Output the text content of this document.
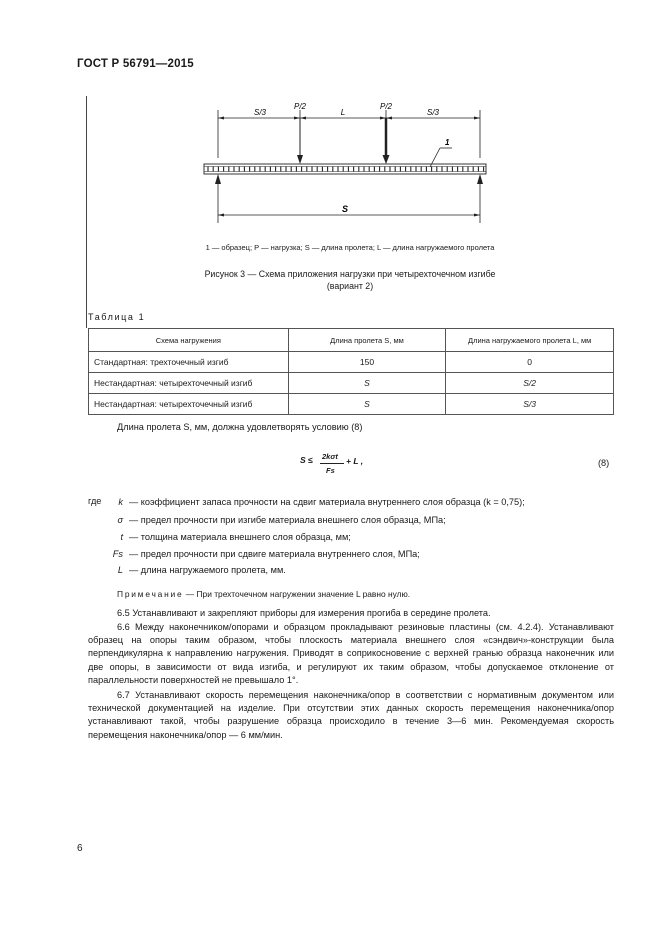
ГОСТ Р 56791—2015
S/3
P/2
L
P/2
S/3
1
S
1 — образец; P — нагрузка; S — длина пролета; L — длина нагружаемого пролета
Рисунок 3 — Схема приложения нагрузки при четырехточечном изгибе
(вариант 2)
Таблица 1
Схема нагружения	Длина пролета S, мм	Длина нагружаемого пролета L, мм
Стандартная: трехточечный изгиб	150	0
Нестандартная: четырехточечный изгиб	S	S/2
Нестандартная: четырехточечный изгиб	S	S/3
Длина пролета S, мм, должна удовлетворять условию (8)
S ≤ 2kσt
Fs
+ L ,	(8)
где	k — коэффициент запаса прочности на сдвиг материала внутреннего слоя образца (k = 0,75);
σ — предел прочности при изгибе материала внешнего слоя образца, МПа;
t — толщина материала внешнего слоя образца, мм;
Fs — предел прочности при сдвиге материала внутреннего слоя, МПа;
L — длина нагружаемого пролета, мм.
Примечание — При трехточечном нагружении значение L равно нулю.
6.5 Устанавливают и закрепляют приборы для измерения прогиба в середине пролета.
6.6 Между наконечником/опорами и образцом прокладывают резиновые пластины (см. 4.2.4). Устанавливают образец на опоры таким образом, чтобы плоскость материала внешнего слоя «сэндвич»-конструкции была перпендикулярна к направлению нагружения. Приводят в соприкосновение с верхней гранью образца наконечник или две опоры, в зависимости от вида изгиба, и регулируют их таким образом, чтобы допускаемое отклонение от параллельности поверхностей не превышало 1°.
6.7 Устанавливают скорость перемещения наконечника/опор в соответствии с нормативным документом или технической документацией на изделие. При отсутствии этих данных скорость перемещения наконечника/опор устанавливают такой, чтобы разрушение образца происходило в течение 3—6 мин. Рекомендуемая скорость перемещения наконечника/опор — 6 мм/мин.
6
